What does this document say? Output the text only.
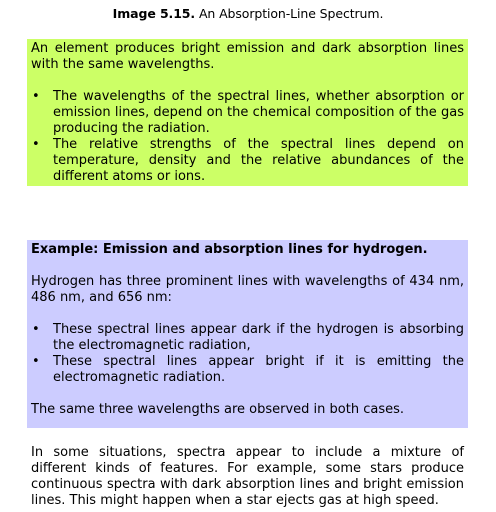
Image 5.15. An Absorption-Line Spectrum.

An element produces bright emission and dark absorption lines with the same wavelengths.

• The wavelengths of the spectral lines, whether absorption or emission lines, depend on the chemical composition of the gas producing the radiation.
• The relative strengths of the spectral lines depend on temperature, density and the relative abundances of the different atoms or ions.

Example: Emission and absorption lines for hydrogen.

Hydrogen has three prominent lines with wavelengths of 434 nm, 486 nm, and 656 nm:

• These spectral lines appear dark if the hydrogen is absorbing the electromagnetic radiation,
• These spectral lines appear bright if it is emitting the electromagnetic radiation.

The same three wavelengths are observed in both cases.

In some situations, spectra appear to include a mixture of different kinds of features. For example, some stars produce continuous spectra with dark absorption lines and bright emission lines. This might happen when a star ejects gas at high speed.
